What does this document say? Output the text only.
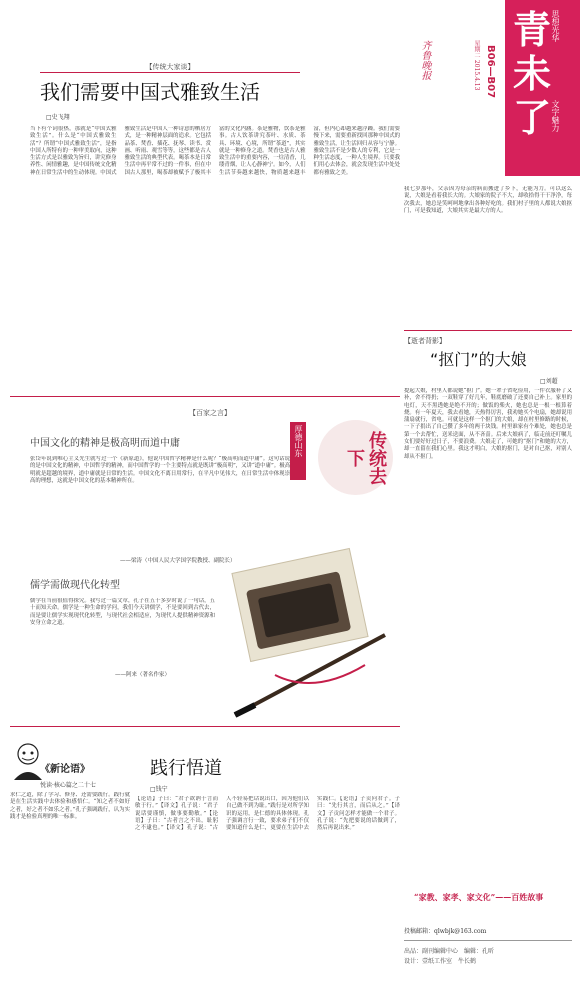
青未了
思想光华
文字魅力
齐鲁晚报	星期二 2015.4.13 B06—B07
【传统大家谈】
我们需要中国式雅致生活
□史飞翔
当下有个词很热，那就是“中国式雅致生活”。什么是“中国式雅致生活”？所谓“中国式雅致生活”，是指中国人所特有的一种审美取向，这种生活方式是以雅致为旨归，讲究修身养性、闲情雅趣，是中国传统文化精神在日常生活中的生动体现。中国式雅致生活是中国人一种诗意的栖居方式，是一种精神层面的追求。它包括品茶、焚香、插花、抚琴、读书、赏画、听雨、观雪等等，这些都是古人雅致生活的典型代表。喝茶本是日常生活中再平常不过的一件事，但在中国古人那里，喝茶却被赋予了极其丰富的文化内涵。茶是雅物，饮茶是雅事。古人饮茶讲究茶叶、水质、茶具、环境、心境，所谓“茶道”，其实就是一种修身之道。焚香也是古人雅致生活中的重要内容，一炷清香，几缕青烟，让人心静神宁。如今，人们生活节奏越来越快，物质越来越丰富，但内心却越来越浮躁。我们需要慢下来，需要重新找回那种中国式的雅致生活，让生活回归从容与宁静。雅致生活不是少数人的专利，它是一种生活态度，一种人生境界。只要我们用心去体会，就会发现生活中处处都有雅致之美。
我七岁那年，父亲因为母亲的病而搬进了乡下，无能为力。可以这么说，大娘是看着我长大的。大娘家的院子不大，却收拾得干干净净，每次我去，她总是笑呵呵地拿出各种好吃的。我们村子里的人都说大娘抠门，可是我知道，大娘其实是最大方的人。
【百家之言】
厚德山东	传统去下
中国文化的精神是极高明而道中庸
张岱年说到唯心主义先生就写过一个《新原道》，他说中国哲学精神是什么呢？“极高明而道中庸”。这句话说的是中国文化的精神，中国哲学的精神，而中国哲学的一个主要特点就是既讲“极高明”，又讲“道中庸”。极高明就是超越的境界，道中庸就是日常的生活。中国文化不离日用常行，在平凡中见伟大，在日常生活中体现崇高的理想，这就是中国文化的基本精神所在。
——梁涛（中国人民大学国学院教授、副院长）
儒学需做现代化转型
儒学在当前很值得探究。我写过一篇文章，孔子在五十多岁时说了一句话，五十而知天命。儒学是一种生命的学问，我们今天讲儒学，不是要回到古代去，而是要让儒学实现现代化转型，与现代社会相适应，为现代人提供精神资源和安身立命之道。
——阿来（著名作家）
【逝者背影】
“抠门”的大娘
□刘超
提起大娘，村里人都说她“抠门”。她一辈子省吃俭用，一件衣服补了又补，舍不得扔；一双鞋穿了好几年，鞋底磨破了还要自己补上。家里的电灯，天不黑透她是绝不开的；做饭的柴火，她也总是一根一根算着烧。有一年夏天，我去看她，天热得厉害，我劝她买个电扇，她却说用蒲扇就行，省电。可就是这样一个抠门的大娘，却在村里修路的时候，一下子捐出了自己攒了多年的两千块钱。村里谁家有个难处，她也总是第一个去帮忙，送米送面，从不吝啬。后来大娘病了，临走前还叮嘱儿女们要好好过日子，不要浪费。大娘走了，可她的“抠门”和她的大方，却一直留在我们心里。我这才明白，大娘的抠门，是对自己抠，对别人却从不抠门。
“家教、家孝、家文化”——百姓故事
投稿邮箱：qlwbjk@163.com
《新论语》
悦读·核心篇之二十七
求仁之道，除了学习、修身、还需要践行。践行就是在生活实践中去体验和感悟仁。“知之者不如好之者，好之者不如乐之者。”孔子强调践行，认为实践才是检验真理的唯一标准。
践行悟道
□钱宁
【论语】子曰：“君子欲讷于言而敏于行。”【译文】孔子说：“君子说话要谨慎，做事要勤敏。”【论语】子曰：“古者言之不出，耻躬之不逮也。”【译文】孔子说：“古人不轻易把话说出口，因为他们以自己做不到为耻。”践行是对所学知识的运用，是仁德的具体体现。孔子强调言行一致，要求弟子们不仅要知道什么是仁，更要在生活中去实践仁。【论语】子贡问君子。子曰：“先行其言，而后从之。”【译文】子贡问怎样才能做一个君子。孔子说：“先把要说的话做到了，然后再说出来。”
出品：副刊编辑中心　编辑：孔昕
设计：壹纸工作室　牛长鹤
